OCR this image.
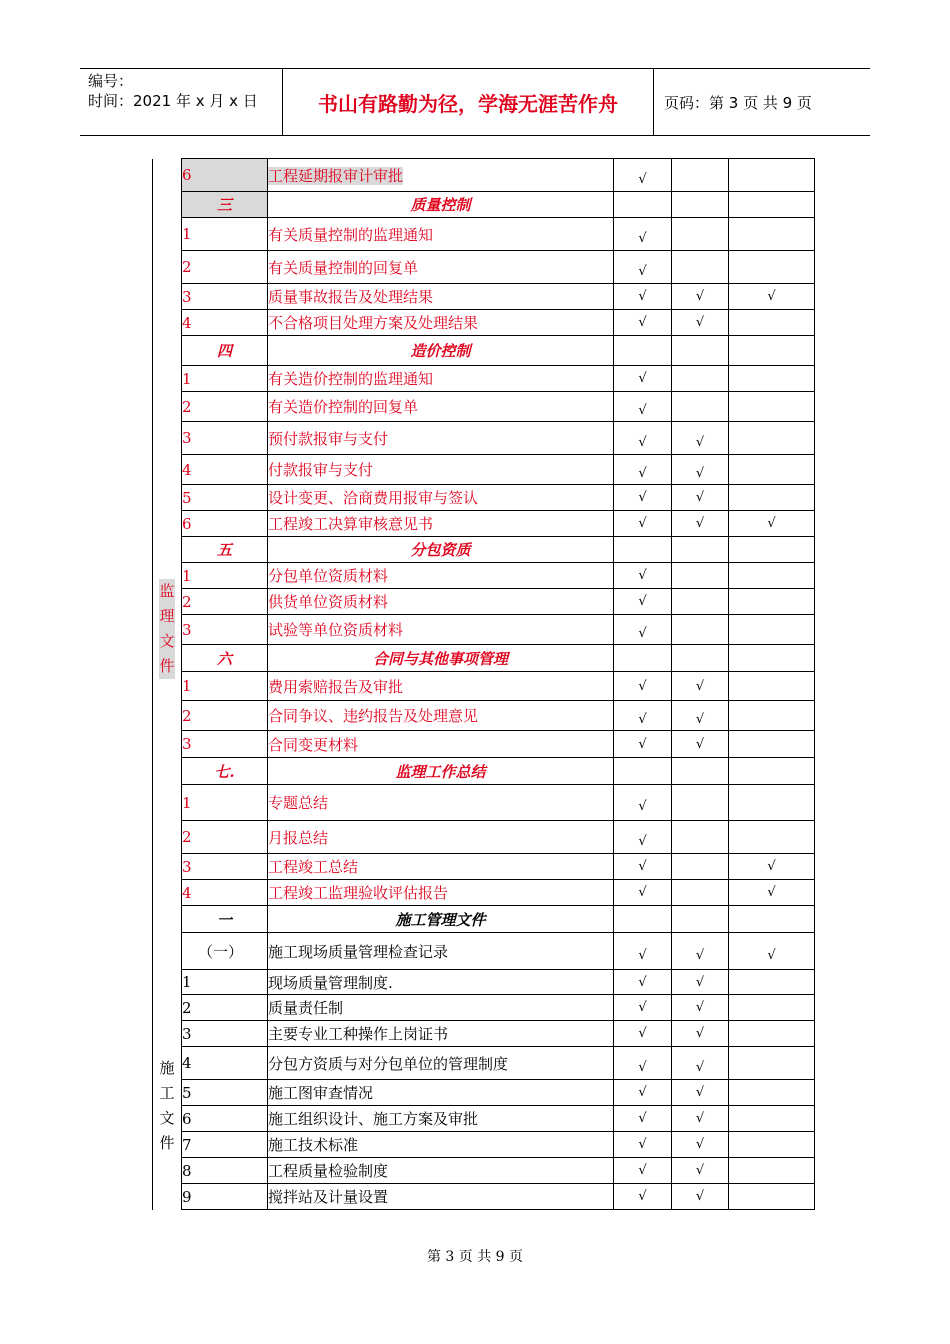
编号：
时间：2021 年 x 月 x 日	书山有路勤为径，学海无涯苦作舟	页码：第 3 页 共 9 页
监理文件	6	工程延期报审计审批	√		
	三	质量控制			
	1	有关质量控制的监理通知	√		
	2	有关质量控制的回复单	√		
	3	质量事故报告及处理结果	√	√	√
	4	不合格项目处理方案及处理结果	√	√	
	四	造价控制			
	1	有关造价控制的监理通知	√		
	2	有关造价控制的回复单	√		
	3	预付款报审与支付	√	√	
	4	付款报审与支付	√	√	
	5	设计变更、洽商费用报审与签认	√	√	
	6	工程竣工决算审核意见书	√	√	√
	五	分包资质			
	1	分包单位资质材料	√		
	2	供货单位资质材料	√		
	3	试验等单位资质材料	√		
	六	合同与其他事项管理			
	1	费用索赔报告及审批	√	√	
	2	合同争议、违约报告及处理意见	√	√	
	3	合同变更材料	√	√	
	七.	监理工作总结			
	1	专题总结	√		
	2	月报总结	√		
	3	工程竣工总结	√		√
	4	工程竣工监理验收评估报告	√		√
施工文件	一	施工管理文件			
	（一）	施工现场质量管理检查记录	√	√	√
	1	现场质量管理制度.	√	√	
	2	质量责任制	√	√	
	3	主要专业工种操作上岗证书	√	√	
	4	分包方资质与对分包单位的管理制度	√	√	
	5	施工图审查情况	√	√	
	6	施工组织设计、施工方案及审批	√	√	
	7	施工技术标准	√	√	
	8	工程质量检验制度	√	√	
	9	搅拌站及计量设置	√	√	
第 3 页 共 9 页
